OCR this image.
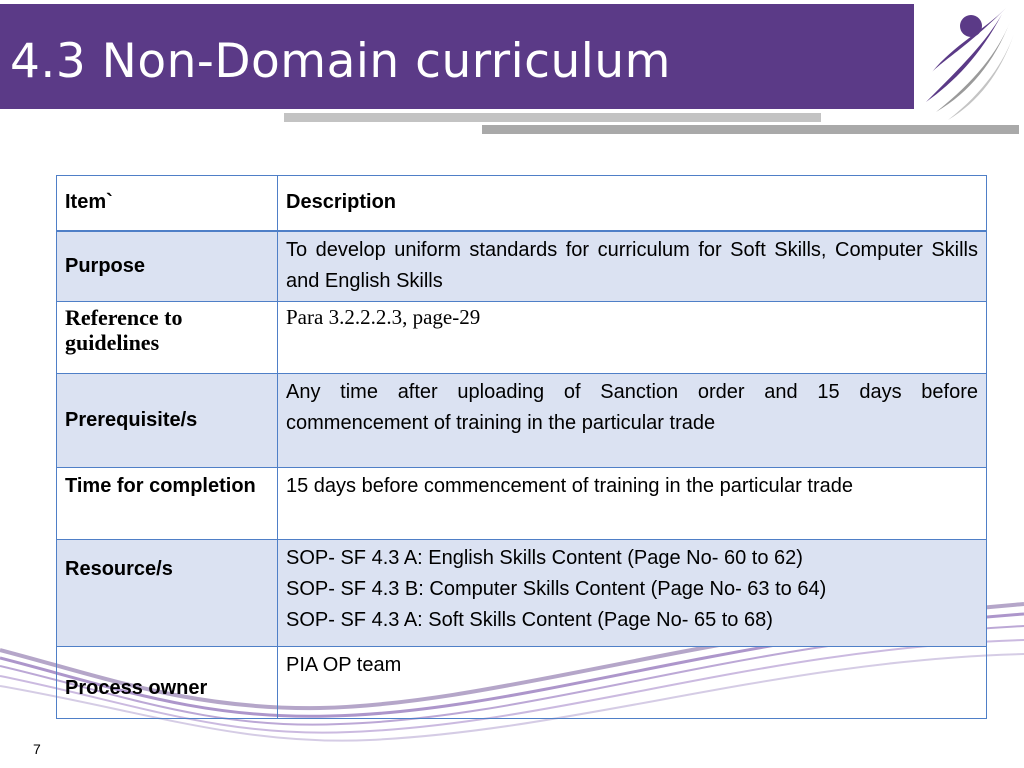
4.3 Non-Domain curriculum
Item`	Description
Purpose	To develop uniform standards for curriculum for Soft Skills, Computer Skills and English Skills
Reference to guidelines	Para 3.2.2.2.3, page-29
Prerequisite/s	Any time after uploading of Sanction order and 15 days before commencement of training in the particular trade
Time for completion	15 days before commencement of training in the particular trade
Resource/s	SOP- SF 4.3 A: English Skills Content (Page No- 60 to 62)
SOP- SF 4.3 B: Computer Skills Content (Page No- 63 to 64)
SOP- SF 4.3 A: Soft Skills Content (Page No- 65 to 68)

Process owner	PIA OP team
7
